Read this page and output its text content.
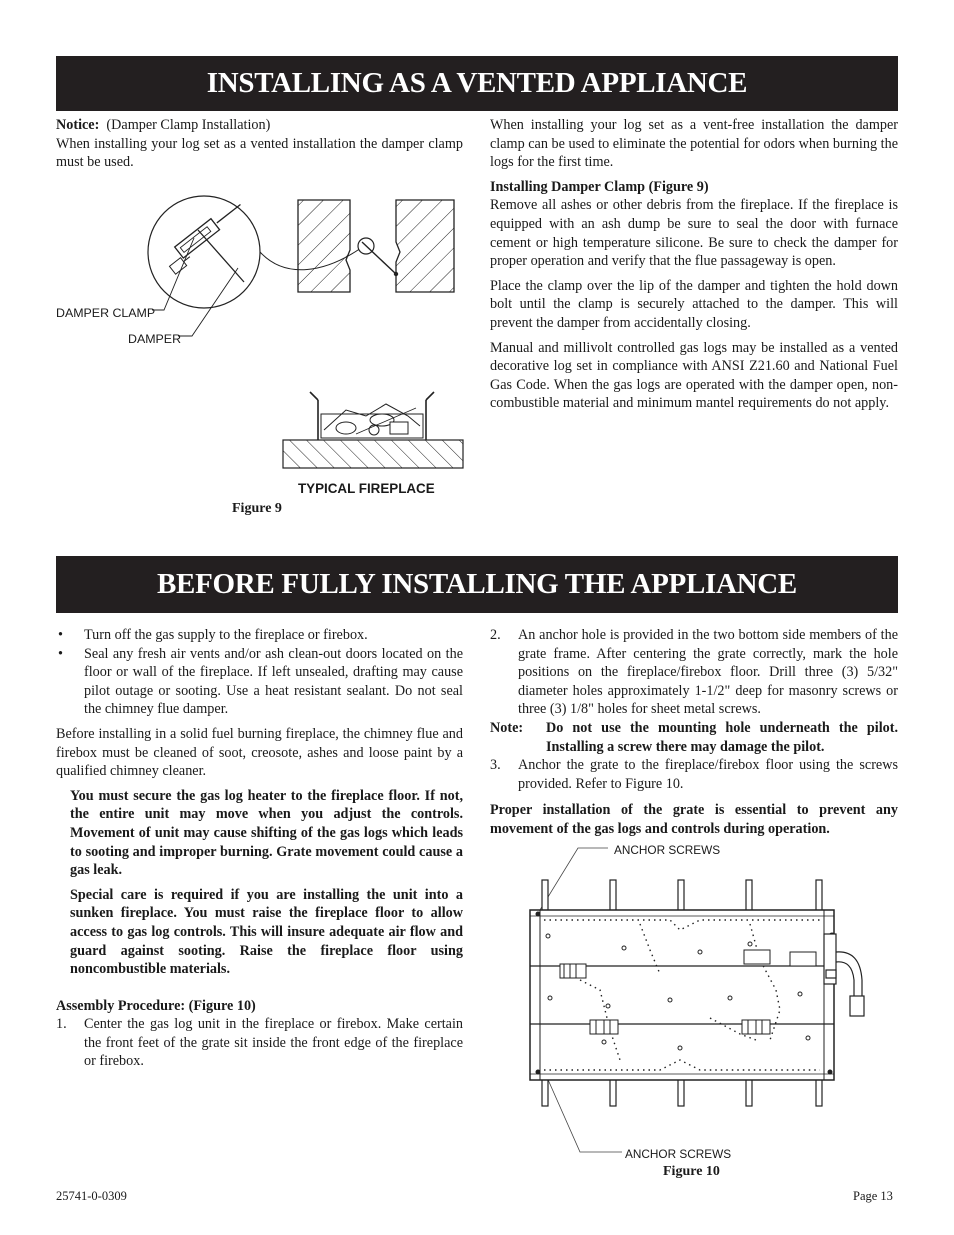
INSTALLING AS A VENTED APPLIANCE
Notice: (Damper Clamp Installation)

When installing your log set as a vented installation the damper clamp must be used.

When installing your log set as a vent-free installation the damper clamp can be used to eliminate the potential for odors when burning the logs for the first time.

Installing Damper Clamp (Figure 9)

Remove all ashes or other debris from the fireplace. If the fireplace is equipped with an ash dump be sure to seal the door with furnace cement or high temperature silicone. Be sure to check the damper for proper operation and verify that the flue passageway is open.

Place the clamp over the lip of the damper and tighten the hold down bolt until the clamp is securely attached to the damper. This will prevent the damper from accidentally closing.

Manual and millivolt controlled gas logs may be installed as a vented decorative log set in compliance with ANSI Z21.60 and National Fuel Gas Code. When the gas logs are operated with the damper open, non-combustible material and minimum mantel requirements do not apply.

DAMPER CLAMP
DAMPER
TYPICAL FIREPLACE
Figure 9
BEFORE FULLY INSTALLING THE APPLIANCE
• Turn off the gas supply to the fireplace or firebox.
• Seal any fresh air vents and/or ash clean-out doors located on the floor or wall of the fireplace. If left unsealed, drafting may cause pilot outage or sooting. Use a heat resistant sealant. Do not seal the chimney flue damper.

Before installing in a solid fuel burning fireplace, the chimney flue and firebox must be cleaned of soot, creosote, ashes and loose paint by a qualified chimney cleaner.

You must secure the gas log heater to the fireplace floor. If not, the entire unit may move when you adjust the controls. Movement of unit may cause shifting of the gas logs which leads to sooting and improper burning. Grate movement could cause a gas leak.

Special care is required if you are installing the unit into a sunken fireplace. You must raise the fireplace floor to allow access to gas log controls. This will insure adequate air flow and guard against sooting. Raise the fireplace floor using noncombustible materials.

Assembly Procedure: (Figure 10)
1. Center the gas log unit in the fireplace or firebox. Make certain the front feet of the grate sit inside the front edge of the fireplace or firebox.
2. An anchor hole is provided in the two bottom side members of the grate frame. After centering the grate correctly, mark the hole positions on the fireplace/firebox floor. Drill three (3) 5/32" diameter holes approximately 1-1/2" deep for masonry screws or three (3) 1/8" holes for sheet metal screws.
Note: Do not use the mounting hole underneath the pilot. Installing a screw there may damage the pilot.
3. Anchor the grate to the fireplace/firebox floor using the screws provided. Refer to Figure 10.

Proper installation of the grate is essential to prevent any movement of the gas logs and controls during operation.

ANCHOR SCREWS
ANCHOR SCREWS
Figure 10
25741-0-0309	Page 13
